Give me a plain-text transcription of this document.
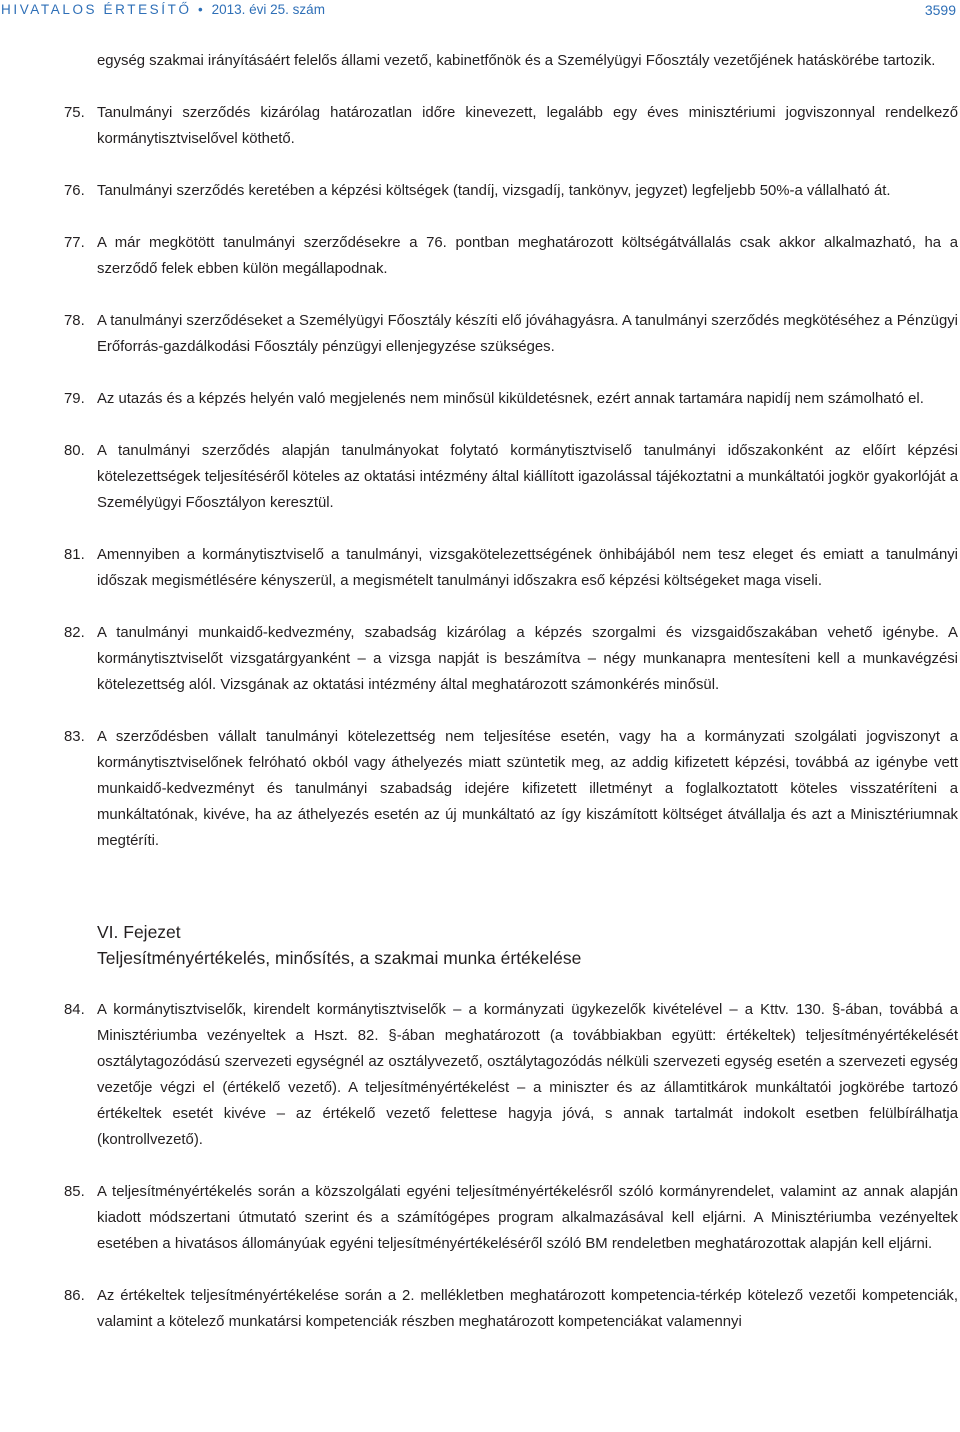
HIVATALOS ÉRTESÍTŐ • 2013. évi 25. szám	3599
egység szakmai irányításáért felelős állami vezető, kabinetfőnök és a Személyügyi Főosztály vezetőjének hatáskörébe tartozik.
75. Tanulmányi szerződés kizárólag határozatlan időre kinevezett, legalább egy éves minisztériumi jogviszonnyal rendelkező kormánytisztviselővel köthető.
76. Tanulmányi szerződés keretében a képzési költségek (tandíj, vizsgadíj, tankönyv, jegyzet) legfeljebb 50%-a vállalható át.
77. A már megkötött tanulmányi szerződésekre a 76. pontban meghatározott költségátvállalás csak akkor alkalmazható, ha a szerződő felek ebben külön megállapodnak.
78. A tanulmányi szerződéseket a Személyügyi Főosztály készíti elő jóváhagyásra. A tanulmányi szerződés megkötéséhez a Pénzügyi Erőforrás-gazdálkodási Főosztály pénzügyi ellenjegyzése szükséges.
79. Az utazás és a képzés helyén való megjelenés nem minősül kiküldetésnek, ezért annak tartamára napidíj nem számolható el.
80. A tanulmányi szerződés alapján tanulmányokat folytató kormánytisztviselő tanulmányi időszakonként az előírt képzési kötelezettségek teljesítéséről köteles az oktatási intézmény által kiállított igazolással tájékoztatni a munkáltatói jogkör gyakorlóját a Személyügyi Főosztályon keresztül.
81. Amennyiben a kormánytisztviselő a tanulmányi, vizsgakötelezettségének önhibájából nem tesz eleget és emiatt a tanulmányi időszak megismétlésére kényszerül, a megismételt tanulmányi időszakra eső képzési költségeket maga viseli.
82. A tanulmányi munkaidő-kedvezmény, szabadság kizárólag a képzés szorgalmi és vizsgaidőszakában vehető igénybe. A kormánytisztviselőt vizsgatárgyanként – a vizsga napját is beszámítva – négy munkanapra mentesíteni kell a munkavégzési kötelezettség alól. Vizsgának az oktatási intézmény által meghatározott számonkérés minősül.
83. A szerződésben vállalt tanulmányi kötelezettség nem teljesítése esetén, vagy ha a kormányzati szolgálati jogviszonyt a kormánytisztviselőnek felróható okból vagy áthelyezés miatt szüntetik meg, az addig kifizetett képzési, továbbá az igénybe vett munkaidő-kedvezményt és tanulmányi szabadság idejére kifizetett illetményt a foglalkoztatott köteles visszatéríteni a munkáltatónak, kivéve, ha az áthelyezés esetén az új munkáltató az így kiszámított költséget átvállalja és azt a Minisztériumnak megtéríti.
VI. Fejezet
Teljesítményértékelés, minősítés, a szakmai munka értékelése
84. A kormánytisztviselők, kirendelt kormánytisztviselők – a kormányzati ügykezelők kivételével – a Kttv. 130. §-ában, továbbá a Minisztériumba vezényeltek a Hszt. 82. §-ában meghatározott (a továbbiakban együtt: értékeltek) teljesítményértékelését osztálytagozódású szervezeti egységnél az osztályvezető, osztálytagozódás nélküli szervezeti egység esetén a szervezeti egység vezetője végzi el (értékelő vezető). A teljesítményértékelést – a miniszter és az államtitkárok munkáltatói jogkörébe tartozó értékeltek esetét kivéve – az értékelő vezető felettese hagyja jóvá, s annak tartalmát indokolt esetben felülbírálhatja (kontrollvezető).
85. A teljesítményértékelés során a közszolgálati egyéni teljesítményértékelésről szóló kormányrendelet, valamint az annak alapján kiadott módszertani útmutató szerint és a számítógépes program alkalmazásával kell eljárni. A Minisztériumba vezényeltek esetében a hivatásos állományúak egyéni teljesítményértékeléséről szóló BM rendeletben meghatározottak alapján kell eljárni.
86. Az értékeltek teljesítményértékelése során a 2. mellékletben meghatározott kompetencia-térkép kötelező vezetői kompetenciák, valamint a kötelező munkatársi kompetenciák részben meghatározott kompetenciákat valamennyi
